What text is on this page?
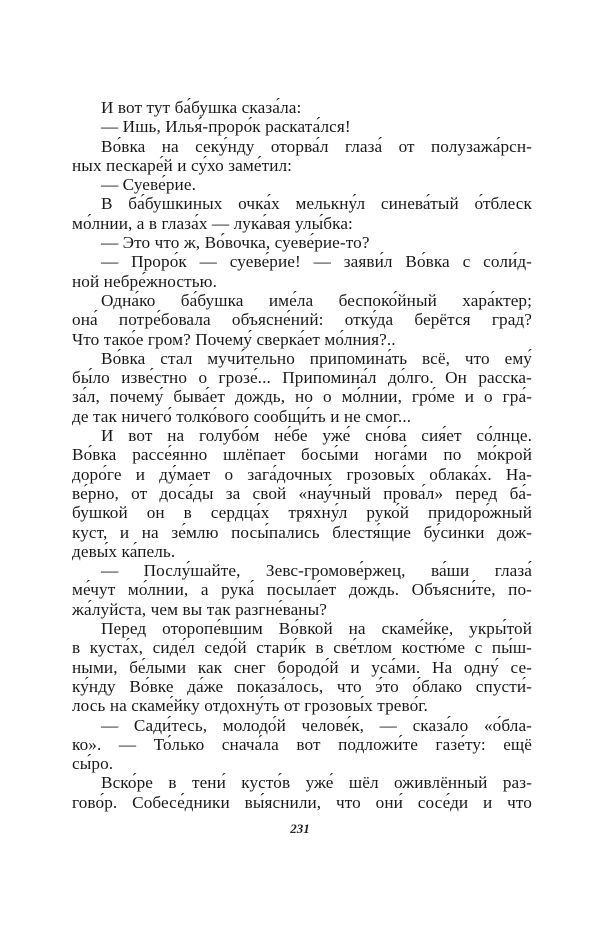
И вот тут ба́бушка сказа́ла:
— Ишь, Илья́-проро́к раската́лся!
Во́вка на секу́нду оторва́л глаза́ от полузажа́рсн-
ных пескаре́й и су́хо заме́тил:
— Суеве́рие.
В ба́бушкиных очка́х мелькну́л синева́тый о́тблеск
мо́лнии, а в глаза́х — лука́вая улы́бка:
— Это что ж, Во́вочка, суеве́рие-то?
— Проро́к — суеве́рие! — заяви́л Во́вка с соли́д-
ной небре́жностью.
Одна́ко ба́бушка име́ла беспоко́йный хара́ктер;
она́ потре́бовала объясне́ний: отку́да берётся град?
Что тако́е гром? Почему́ сверка́ет мо́лния?..
Во́вка стал мучи́тельно припомина́ть всё, что ему́
бы́ло изве́стно о грозе́... Припомина́л до́лго. Он расска-
за́л, почему́ быва́ет дождь, но о мо́лнии, гро́ме и о гра́-
де так ничего́ толко́вого сообщи́ть и не смог...
И вот на голубо́м не́бе уже́ сно́ва сия́ет со́лнце.
Во́вка рассе́янно шлёпает босы́ми нога́ми по мо́крой
доро́ге и ду́мает о зага́дочных грозовы́х облака́х. На-
ве́рно, от доса́ды за свой «нау́чный прова́л» перед ба́-
бушкой он в сердца́х тряхну́л руко́й придоро́жный
куст, и на зе́млю посы́пались блестя́щие бу́синки дож-
девы́х ка́пель.
— Послу́шайте, Зевс-громове́ржец, ва́ши глаза́
ме́чут мо́лнии, а рука́ посыла́ет дождь. Объясни́те, по-
жа́луйста, чем вы так разгне́ваны?
Перед оторопе́вшим Во́вкой на скаме́йке, укры́той
в куста́х, сиде́л седо́й стари́к в све́тлом костю́ме с пы́ш-
ными, бе́лыми как снег бородо́й и уса́ми. На одну́ се-
ку́нду Во́вке да́же показа́лось, что э́то о́блако спусти́-
лось на скаме́йку отдохну́ть от грозовы́х трево́г.
— Сади́тесь, молодо́й челове́к, — сказа́ло «о́бла-
ко». — То́лько снача́ла вот подложи́те газе́ту: ещё
сы́ро.
Вско́ре в тени́ кусто́в уже́ шёл оживлённый раз-
гово́р. Собесе́дники вы́яснили, что они́ сосе́ди и что
231
